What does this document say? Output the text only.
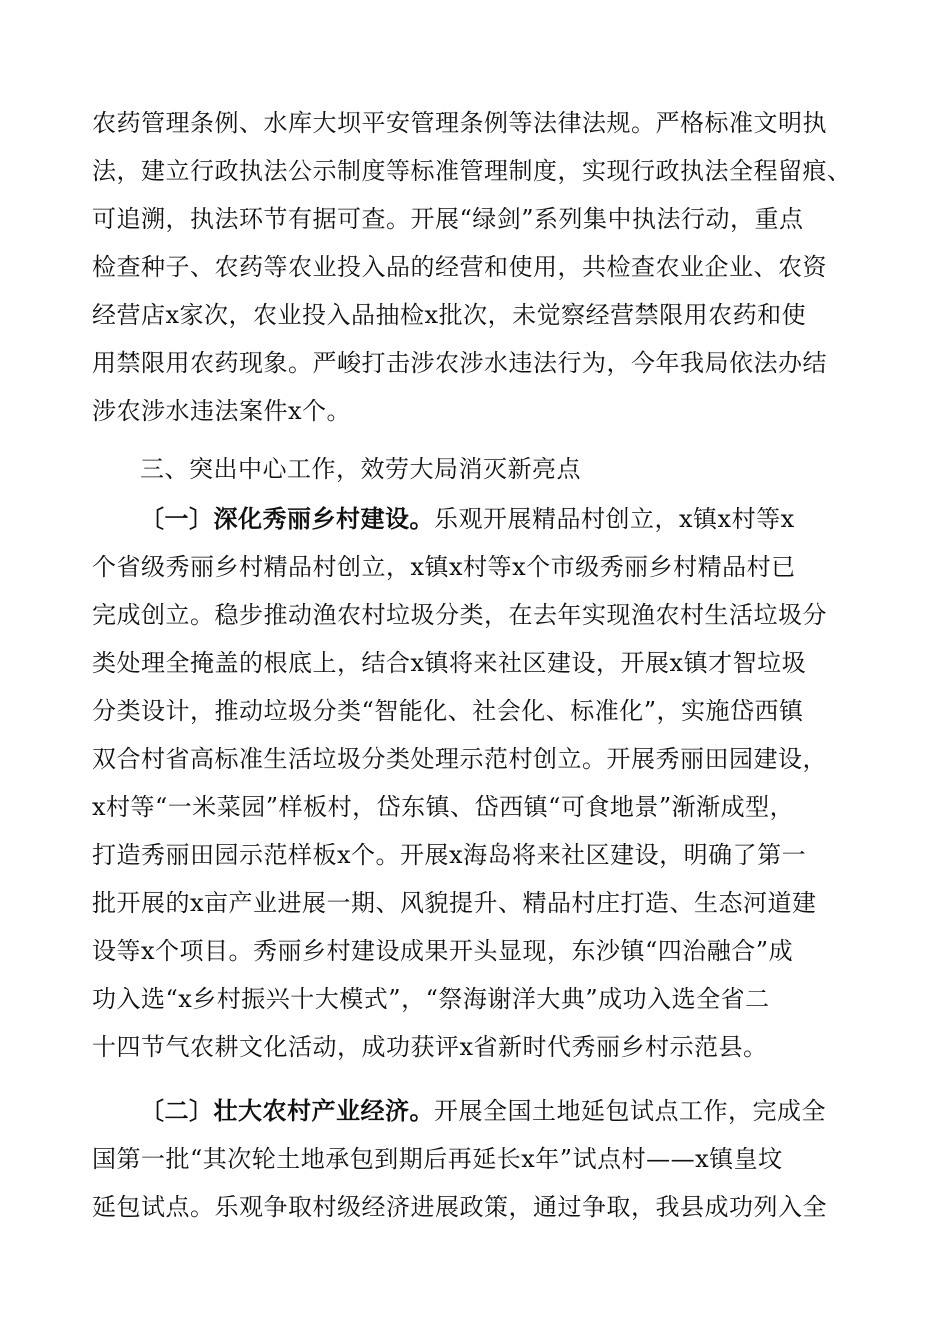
农药管理条例、水库大坝平安管理条例等法律法规。严格标准文明执
法，建立行政执法公示制度等标准管理制度，实现行政执法全程留痕、
可追溯，执法环节有据可查。开展“绿剑”系列集中执法行动，重点
检查种子、农药等农业投入品的经营和使用，共检查农业企业、农资
经营店x家次，农业投入品抽检x批次，未觉察经营禁限用农药和使
用禁限用农药现象。严峻打击涉农涉水违法行为，今年我局依法办结
涉农涉水违法案件x个。
三、突出中心工作，效劳大局消灭新亮点
〔一〕深化秀丽乡村建设。乐观开展精品村创立，x镇x村等x
个省级秀丽乡村精品村创立，x镇x村等x个市级秀丽乡村精品村已
完成创立。稳步推动渔农村垃圾分类，在去年实现渔农村生活垃圾分
类处理全掩盖的根底上，结合x镇将来社区建设，开展x镇才智垃圾
分类设计，推动垃圾分类“智能化、社会化、标准化”，实施岱西镇
双合村省高标准生活垃圾分类处理示范村创立。开展秀丽田园建设，
x村等“一米菜园”样板村，岱东镇、岱西镇“可食地景”渐渐成型，
打造秀丽田园示范样板x个。开展x海岛将来社区建设，明确了第一
批开展的x亩产业进展一期、风貌提升、精品村庄打造、生态河道建
设等x个项目。秀丽乡村建设成果开头显现，东沙镇“四治融合”成
功入选“x乡村振兴十大模式”，“祭海谢洋大典”成功入选全省二
十四节气农耕文化活动，成功获评x省新时代秀丽乡村示范县。
〔二〕壮大农村产业经济。开展全国土地延包试点工作，完成全
国第一批“其次轮土地承包到期后再延长x年”试点村——x镇皇坟
延包试点。乐观争取村级经济进展政策，通过争取，我县成功列入全
